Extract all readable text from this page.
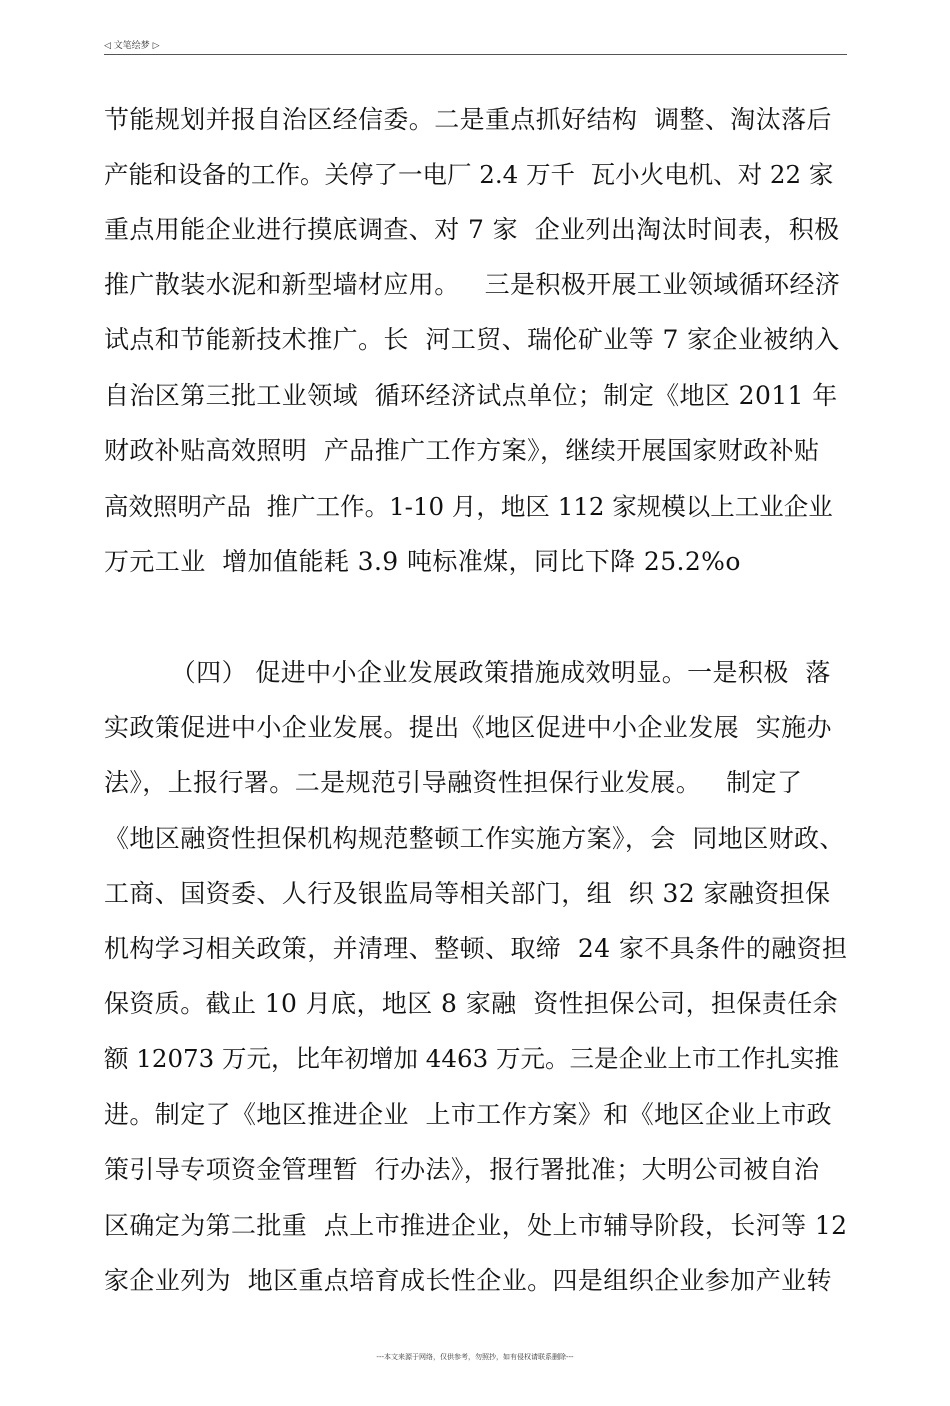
◁ 文笔绘梦 ▷
节能规划并报自治区经信委。二是重点抓好结构  调整、淘汰落后
产能和设备的工作。关停了一电厂 2.4 万千  瓦小火电机、对 22 家
重点用能企业进行摸底调查、对 7 家  企业列出淘汰时间表，积极
推广散装水泥和新型墙材应用。   三是积极开展工业领域循环经济
试点和节能新技术推广。长  河工贸、瑞伦矿业等 7 家企业被纳入
自治区第三批工业领域  循环经济试点单位；制定《地区 2011 年
财政补贴高效照明  产品推广工作方案》，继续开展国家财政补贴
高效照明产品  推广工作。1-10 月，地区 112 家规模以上工业企业
万元工业  增加值能耗 3.9 吨标准煤，同比下降 25.2%o
（四） 促进中小企业发展政策措施成效明显。一是积极  落
实政策促进中小企业发展。提出《地区促进中小企业发展  实施办
法》，上报行署。二是规范引导融资性担保行业发展。   制定了
《地区融资性担保机构规范整顿工作实施方案》，会  同地区财政、
工商、国资委、人行及银监局等相关部门，组  织 32 家融资担保
机构学习相关政策，并清理、整顿、取缔  24 家不具条件的融资担
保资质。截止 10 月底，地区 8 家融  资性担保公司，担保责任余
额 12073 万元，比年初增加 4463 万元。三是企业上市工作扎实推
进。制定了《地区推进企业  上市工作方案》和《地区企业上市政
策引导专项资金管理暂  行办法》，报行署批准；大明公司被自治
区确定为第二批重  点上市推进企业，处上市辅导阶段，长河等 12
家企业列为  地区重点培育成长性企业。四是组织企业参加产业转
---本文来源于网络，仅供参考，勿照抄，如有侵权请联系删除---
